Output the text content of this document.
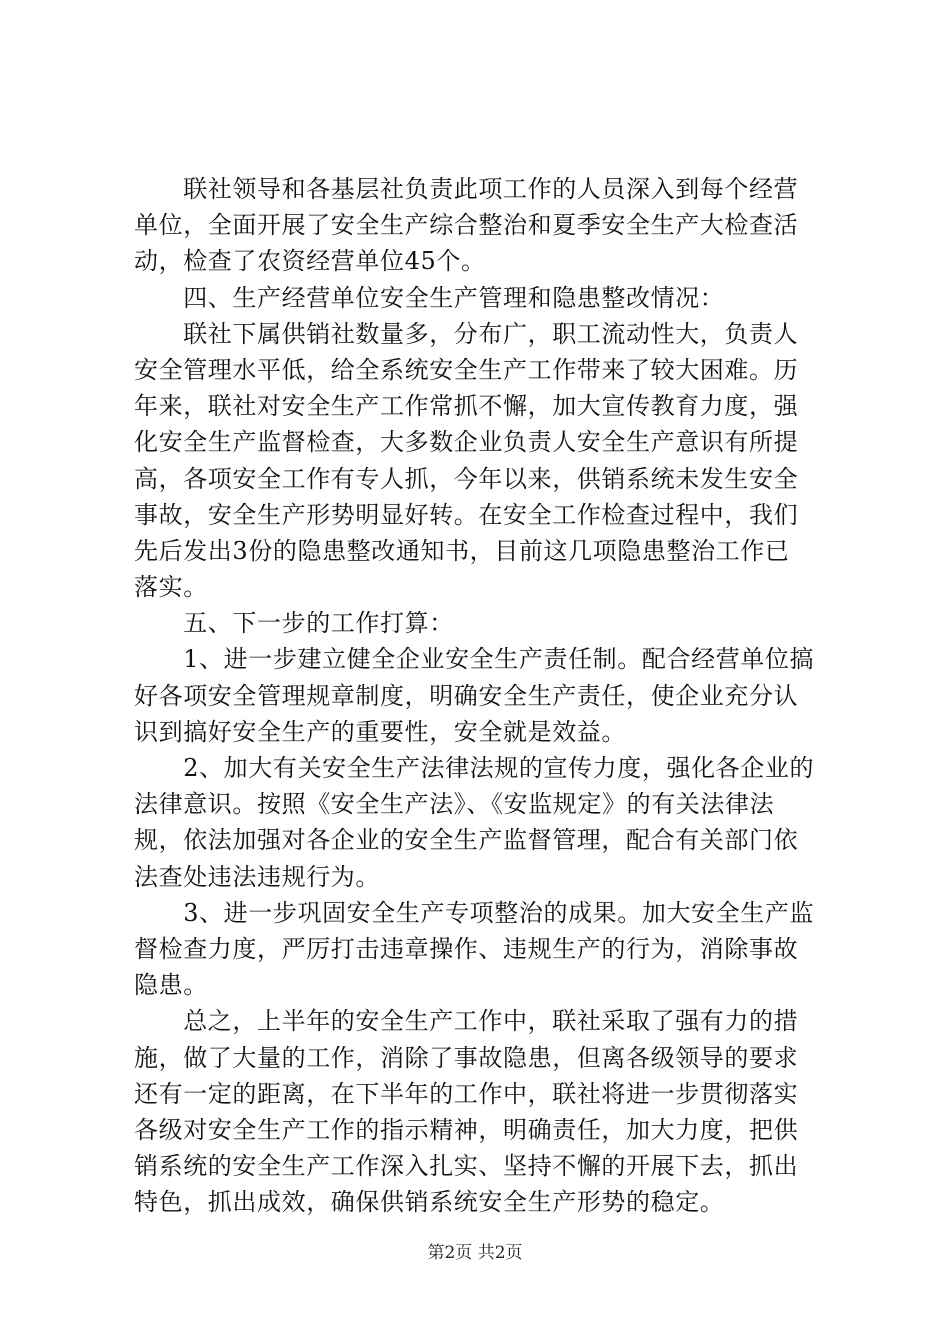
　　联社领导和各基层社负责此项工作的人员深入到每个经营
单位，全面开展了安全生产综合整治和夏季安全生产大检查活
动，检查了农资经营单位45个。
　　四、生产经营单位安全生产管理和隐患整改情况：
　　联社下属供销社数量多，分布广，职工流动性大，负责人
安全管理水平低，给全系统安全生产工作带来了较大困难。历
年来，联社对安全生产工作常抓不懈，加大宣传教育力度，强
化安全生产监督检查，大多数企业负责人安全生产意识有所提
高，各项安全工作有专人抓，今年以来，供销系统未发生安全
事故，安全生产形势明显好转。在安全工作检查过程中，我们
先后发出3份的隐患整改通知书，目前这几项隐患整治工作已
落实。
　　五、下一步的工作打算：
　　1、进一步建立健全企业安全生产责任制。配合经营单位搞
好各项安全管理规章制度，明确安全生产责任，使企业充分认
识到搞好安全生产的重要性，安全就是效益。
　　2、加大有关安全生产法律法规的宣传力度，强化各企业的
法律意识。按照《安全生产法》、《安监规定》的有关法律法
规，依法加强对各企业的安全生产监督管理，配合有关部门依
法查处违法违规行为。
　　3、进一步巩固安全生产专项整治的成果。加大安全生产监
督检查力度，严厉打击违章操作、违规生产的行为，消除事故
隐患。
　　总之，上半年的安全生产工作中，联社采取了强有力的措
施，做了大量的工作，消除了事故隐患，但离各级领导的要求
还有一定的距离，在下半年的工作中，联社将进一步贯彻落实
各级对安全生产工作的指示精神，明确责任，加大力度，把供
销系统的安全生产工作深入扎实、坚持不懈的开展下去，抓出
特色，抓出成效，确保供销系统安全生产形势的稳定。
第2页 共2页
